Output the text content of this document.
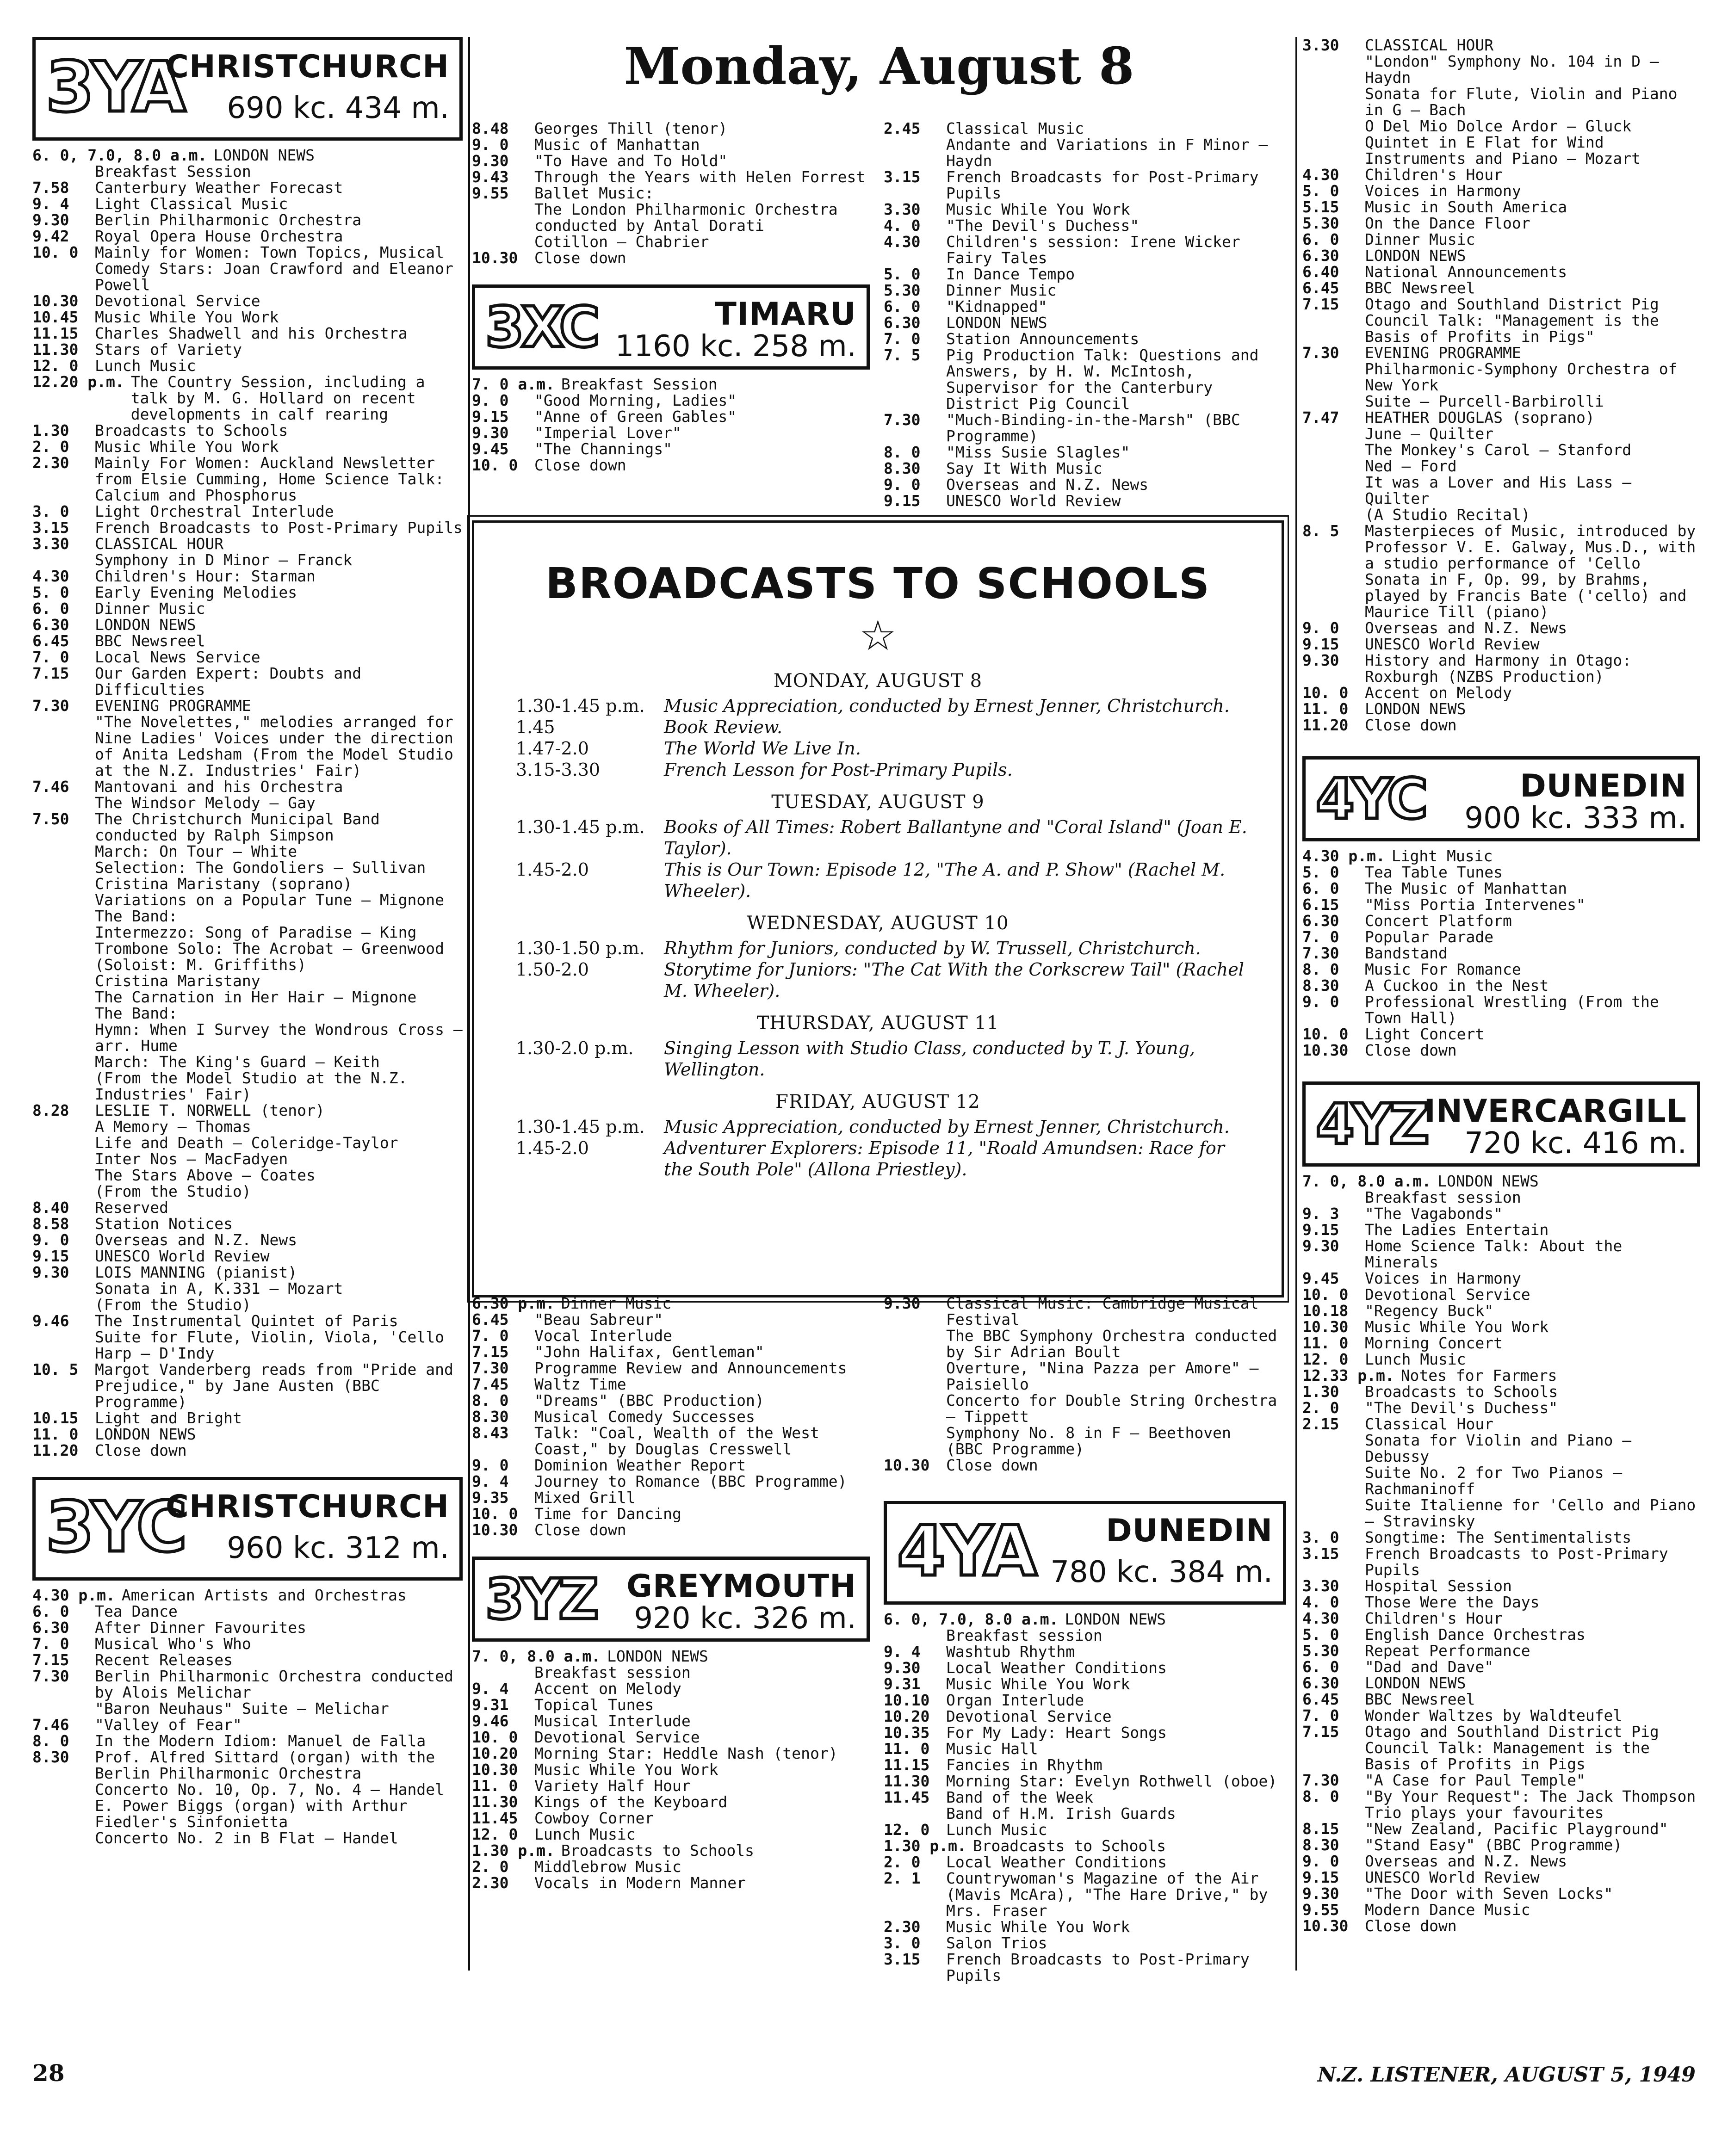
Monday, August 8
3YA
CHRISTCHURCH
690 kc. 434 m.
6. 0, 7.0, 8.0 a.m. LONDON NEWS
Breakfast Session
7.58	Canterbury Weather Forecast
9. 4	Light Classical Music
9.30	Berlin Philharmonic Orchestra
9.42	Royal Opera House Orchestra
10. 0	Mainly for Women: Town Topics, Musical Comedy Stars: Joan Crawford and Eleanor Powell
10.30	Devotional Service
10.45	Music While You Work
11.15	Charles Shadwell and his Orchestra
11.30	Stars of Variety
12. 0	Lunch Music
12.20 p.m. The Country Session, including a talk by M. G. Hollard on recent developments in calf rearing
1.30	Broadcasts to Schools
2. 0	Music While You Work
2.30	Mainly For Women: Auckland Newsletter from Elsie Cumming, Home Science Talk: Calcium and Phosphorus
3. 0	Light Orchestral Interlude
3.15	French Broadcasts to Post-Primary Pupils
3.30	CLASSICAL HOUR
Symphony in D Minor — Franck
4.30	Children's Hour: Starman
5. 0	Early Evening Melodies
6. 0	Dinner Music
6.30	LONDON NEWS
6.45	BBC Newsreel
7. 0	Local News Service
7.15	Our Garden Expert: Doubts and Difficulties
7.30	EVENING PROGRAMME
"The Novelettes," melodies arranged for Nine Ladies' Voices under the direction of Anita Ledsham (From the Model Studio at the N.Z. Industries' Fair)
7.46	Mantovani and his Orchestra
The Windsor Melody — Gay
7.50	The Christchurch Municipal Band conducted by Ralph Simpson
March: On Tour — White
Selection: The Gondoliers — Sullivan
Cristina Maristany (soprano)
Variations on a Popular Tune — Mignone
The Band:
Intermezzo: Song of Paradise — King
Trombone Solo: The Acrobat — Greenwood
(Soloist: M. Griffiths)
Cristina Maristany
The Carnation in Her Hair — Mignone
The Band:
Hymn: When I Survey the Wondrous Cross — arr. Hume
March: The King's Guard — Keith
(From the Model Studio at the N.Z. Industries' Fair)
8.28	LESLIE T. NORWELL (tenor)
A Memory — Thomas
Life and Death — Coleridge-Taylor
Inter Nos — MacFadyen
The Stars Above — Coates
(From the Studio)
8.40	Reserved
8.58	Station Notices
9. 0	Overseas and N.Z. News
9.15	UNESCO World Review
9.30	LOIS MANNING (pianist)
Sonata in A, K.331 — Mozart
(From the Studio)
9.46	The Instrumental Quintet of Paris
Suite for Flute, Violin, Viola, 'Cello Harp — D'Indy
10. 5	Margot Vanderberg reads from "Pride and Prejudice," by Jane Austen (BBC Programme)
10.15	Light and Bright
11. 0	LONDON NEWS
11.20	Close down
3YC
CHRISTCHURCH
960 kc. 312 m.
4.30 p.m. American Artists and Orchestras
6. 0	Tea Dance
6.30	After Dinner Favourites
7. 0	Musical Who's Who
7.15	Recent Releases
7.30	Berlin Philharmonic Orchestra conducted by Alois Melichar
"Baron Neuhaus" Suite — Melichar
7.46	"Valley of Fear"
8. 0	In the Modern Idiom: Manuel de Falla
8.30	Prof. Alfred Sittard (organ) with the Berlin Philharmonic Orchestra
Concerto No. 10, Op. 7, No. 4 — Handel
E. Power Biggs (organ) with Arthur Fiedler's Sinfonietta
Concerto No. 2 in B Flat — Handel
8.48	Georges Thill (tenor)
9. 0	Music of Manhattan
9.30	"To Have and To Hold"
9.43	Through the Years with Helen Forrest
9.55	Ballet Music:
The London Philharmonic Orchestra conducted by Antal Dorati
Cotillon — Chabrier
10.30	Close down
3XC	TIMARU
1160 kc. 258 m.
7. 0 a.m. Breakfast Session
9. 0	"Good Morning, Ladies"
9.15	"Anne of Green Gables"
9.30	"Imperial Lover"
9.45	"The Channings"
10. 0	Close down
2.45	Classical Music
Andante and Variations in F Minor — Haydn
3.15	French Broadcasts for Post-Primary Pupils
3.30	Music While You Work
4. 0	"The Devil's Duchess"
4.30	Children's session: Irene Wicker Fairy Tales
5. 0	In Dance Tempo
5.30	Dinner Music
6. 0	"Kidnapped"
6.30	LONDON NEWS
7. 0	Station Announcements
7. 5	Pig Production Talk: Questions and Answers, by H. W. McIntosh, Supervisor for the Canterbury District Pig Council
7.30	"Much-Binding-in-the-Marsh" (BBC Programme)
8. 0	"Miss Susie Slagles"
8.30	Say It With Music
9. 0	Overseas and N.Z. News
9.15	UNESCO World Review
BROADCASTS TO SCHOOLS
☆
MONDAY, AUGUST 8
1.30-1.45 p.m.	Music Appreciation, conducted by Ernest Jenner, Christchurch.
1.45	Book Review.
1.47-2.0	The World We Live In.
3.15-3.30	French Lesson for Post-Primary Pupils.
TUESDAY, AUGUST 9
1.30-1.45 p.m.	Books of All Times: Robert Ballantyne and "Coral Island" (Joan E. Taylor).
1.45-2.0	This is Our Town: Episode 12, "The A. and P. Show" (Rachel M. Wheeler).
WEDNESDAY, AUGUST 10
1.30-1.50 p.m.	Rhythm for Juniors, conducted by W. Trussell, Christchurch.
1.50-2.0	Storytime for Juniors: "The Cat With the Corkscrew Tail" (Rachel M. Wheeler).
THURSDAY, AUGUST 11
1.30-2.0 p.m.	Singing Lesson with Studio Class, conducted by T. J. Young, Wellington.
FRIDAY, AUGUST 12
1.30-1.45 p.m.	Music Appreciation, conducted by Ernest Jenner, Christchurch.
1.45-2.0	Adventurer Explorers: Episode 11, "Roald Amundsen: Race for the South Pole" (Allona Priestley).
6.30 p.m. Dinner Music
6.45	"Beau Sabreur"
7. 0	Vocal Interlude
7.15	"John Halifax, Gentleman"
7.30	Programme Review and Announcements
7.45	Waltz Time
8. 0	"Dreams" (BBC Production)
8.30	Musical Comedy Successes
8.43	Talk: "Coal, Wealth of the West Coast," by Douglas Cresswell
9. 0	Dominion Weather Report
9. 4	Journey to Romance (BBC Programme)
9.35	Mixed Grill
10. 0	Time for Dancing
10.30	Close down
3YZ GREYMOUTH
920 kc. 326 m.
7. 0, 8.0 a.m. LONDON NEWS
Breakfast session
9. 4	Accent on Melody
9.31	Topical Tunes
9.46	Musical Interlude
10. 0	Devotional Service
10.20	Morning Star: Heddle Nash (tenor)
10.30	Music While You Work
11. 0	Variety Half Hour
11.30	Kings of the Keyboard
11.45	Cowboy Corner
12. 0	Lunch Music
1.30 p.m. Broadcasts to Schools
2. 0	Middlebrow Music
2.30	Vocals in Modern Manner
9.30	Classical Music: Cambridge Musical Festival
The BBC Symphony Orchestra conducted by Sir Adrian Boult
Overture, "Nina Pazza per Amore" — Paisiello
Concerto for Double String Orchestra — Tippett
Symphony No. 8 in F — Beethoven
(BBC Programme)
10.30	Close down
4YA DUNEDIN
780 kc. 384 m.
6. 0, 7.0, 8.0 a.m. LONDON NEWS
Breakfast session
9. 4	Washtub Rhythm
9.30	Local Weather Conditions
9.31	Music While You Work
10.10	Organ Interlude
10.20	Devotional Service
10.35	For My Lady: Heart Songs
11. 0	Music Hall
11.15	Fancies in Rhythm
11.30	Morning Star: Evelyn Rothwell (oboe)
11.45	Band of the Week
Band of H.M. Irish Guards
12. 0	Lunch Music
1.30 p.m. Broadcasts to Schools
2. 0	Local Weather Conditions
2. 1	Countrywoman's Magazine of the Air (Mavis McAra), "The Hare Drive," by Mrs. Fraser
2.30	Music While You Work
3. 0	Salon Trios
3.15	French Broadcasts to Post-Primary Pupils
3.30	CLASSICAL HOUR
"London" Symphony No. 104 in D — Haydn
Sonata for Flute, Violin and Piano in G — Bach
O Del Mio Dolce Ardor — Gluck
Quintet in E Flat for Wind Instruments and Piano — Mozart
4.30	Children's Hour
5. 0	Voices in Harmony
5.15	Music in South America
5.30	On the Dance Floor
6. 0	Dinner Music
6.30	LONDON NEWS
6.40	National Announcements
6.45	BBC Newsreel
7.15	Otago and Southland District Pig Council Talk: "Management is the Basis of Profits in Pigs"
7.30	EVENING PROGRAMME
Philharmonic-Symphony Orchestra of New York
Suite — Purcell-Barbirolli
7.47	HEATHER DOUGLAS (soprano)
June — Quilter
The Monkey's Carol — Stanford
Ned — Ford
It was a Lover and His Lass — Quilter
(A Studio Recital)
8. 5	Masterpieces of Music, introduced by Professor V. E. Galway, Mus.D., with a studio performance of 'Cello Sonata in F, Op. 99, by Brahms, played by Francis Bate ('cello) and Maurice Till (piano)
9. 0	Overseas and N.Z. News
9.15	UNESCO World Review
9.30	History and Harmony in Otago: Roxburgh (NZBS Production)
10. 0	Accent on Melody
11. 0	LONDON NEWS
11.20	Close down
4YC	DUNEDIN
900 kc. 333 m.
4.30 p.m. Light Music
5. 0	Tea Table Tunes
6. 0	The Music of Manhattan
6.15	"Miss Portia Intervenes"
6.30	Concert Platform
7. 0	Popular Parade
7.30	Bandstand
8. 0	Music For Romance
8.30	A Cuckoo in the Nest
9. 0	Professional Wrestling (From the Town Hall)
10. 0	Light Concert
10.30	Close down
4YZ
INVERCARGILL
720 kc. 416 m.
7. 0, 8.0 a.m. LONDON NEWS
Breakfast session
9. 3	"The Vagabonds"
9.15	The Ladies Entertain
9.30	Home Science Talk: About the Minerals
9.45	Voices in Harmony
10. 0	Devotional Service
10.18	"Regency Buck"
10.30	Music While You Work
11. 0	Morning Concert
12. 0	Lunch Music
12.33 p.m. Notes for Farmers
1.30	Broadcasts to Schools
2. 0	"The Devil's Duchess"
2.15	Classical Hour
Sonata for Violin and Piano — Debussy
Suite No. 2 for Two Pianos — Rachmaninoff
Suite Italienne for 'Cello and Piano — Stravinsky
3. 0	Songtime: The Sentimentalists
3.15	French Broadcasts to Post-Primary Pupils
3.30	Hospital Session
4. 0	Those Were the Days
4.30	Children's Hour
5. 0	English Dance Orchestras
5.30	Repeat Performance
6. 0	"Dad and Dave"
6.30	LONDON NEWS
6.45	BBC Newsreel
7. 0	Wonder Waltzes by Waldteufel
7.15	Otago and Southland District Pig Council Talk: Management is the Basis of Profits in Pigs
7.30	"A Case for Paul Temple"
8. 0	"By Your Request": The Jack Thompson Trio plays your favourites
8.15	"New Zealand, Pacific Playground"
8.30	"Stand Easy" (BBC Programme)
9. 0	Overseas and N.Z. News
9.15	UNESCO World Review
9.30	"The Door with Seven Locks"
9.55	Modern Dance Music
10.30	Close down
28	N.Z. LISTENER, AUGUST 5, 1949
